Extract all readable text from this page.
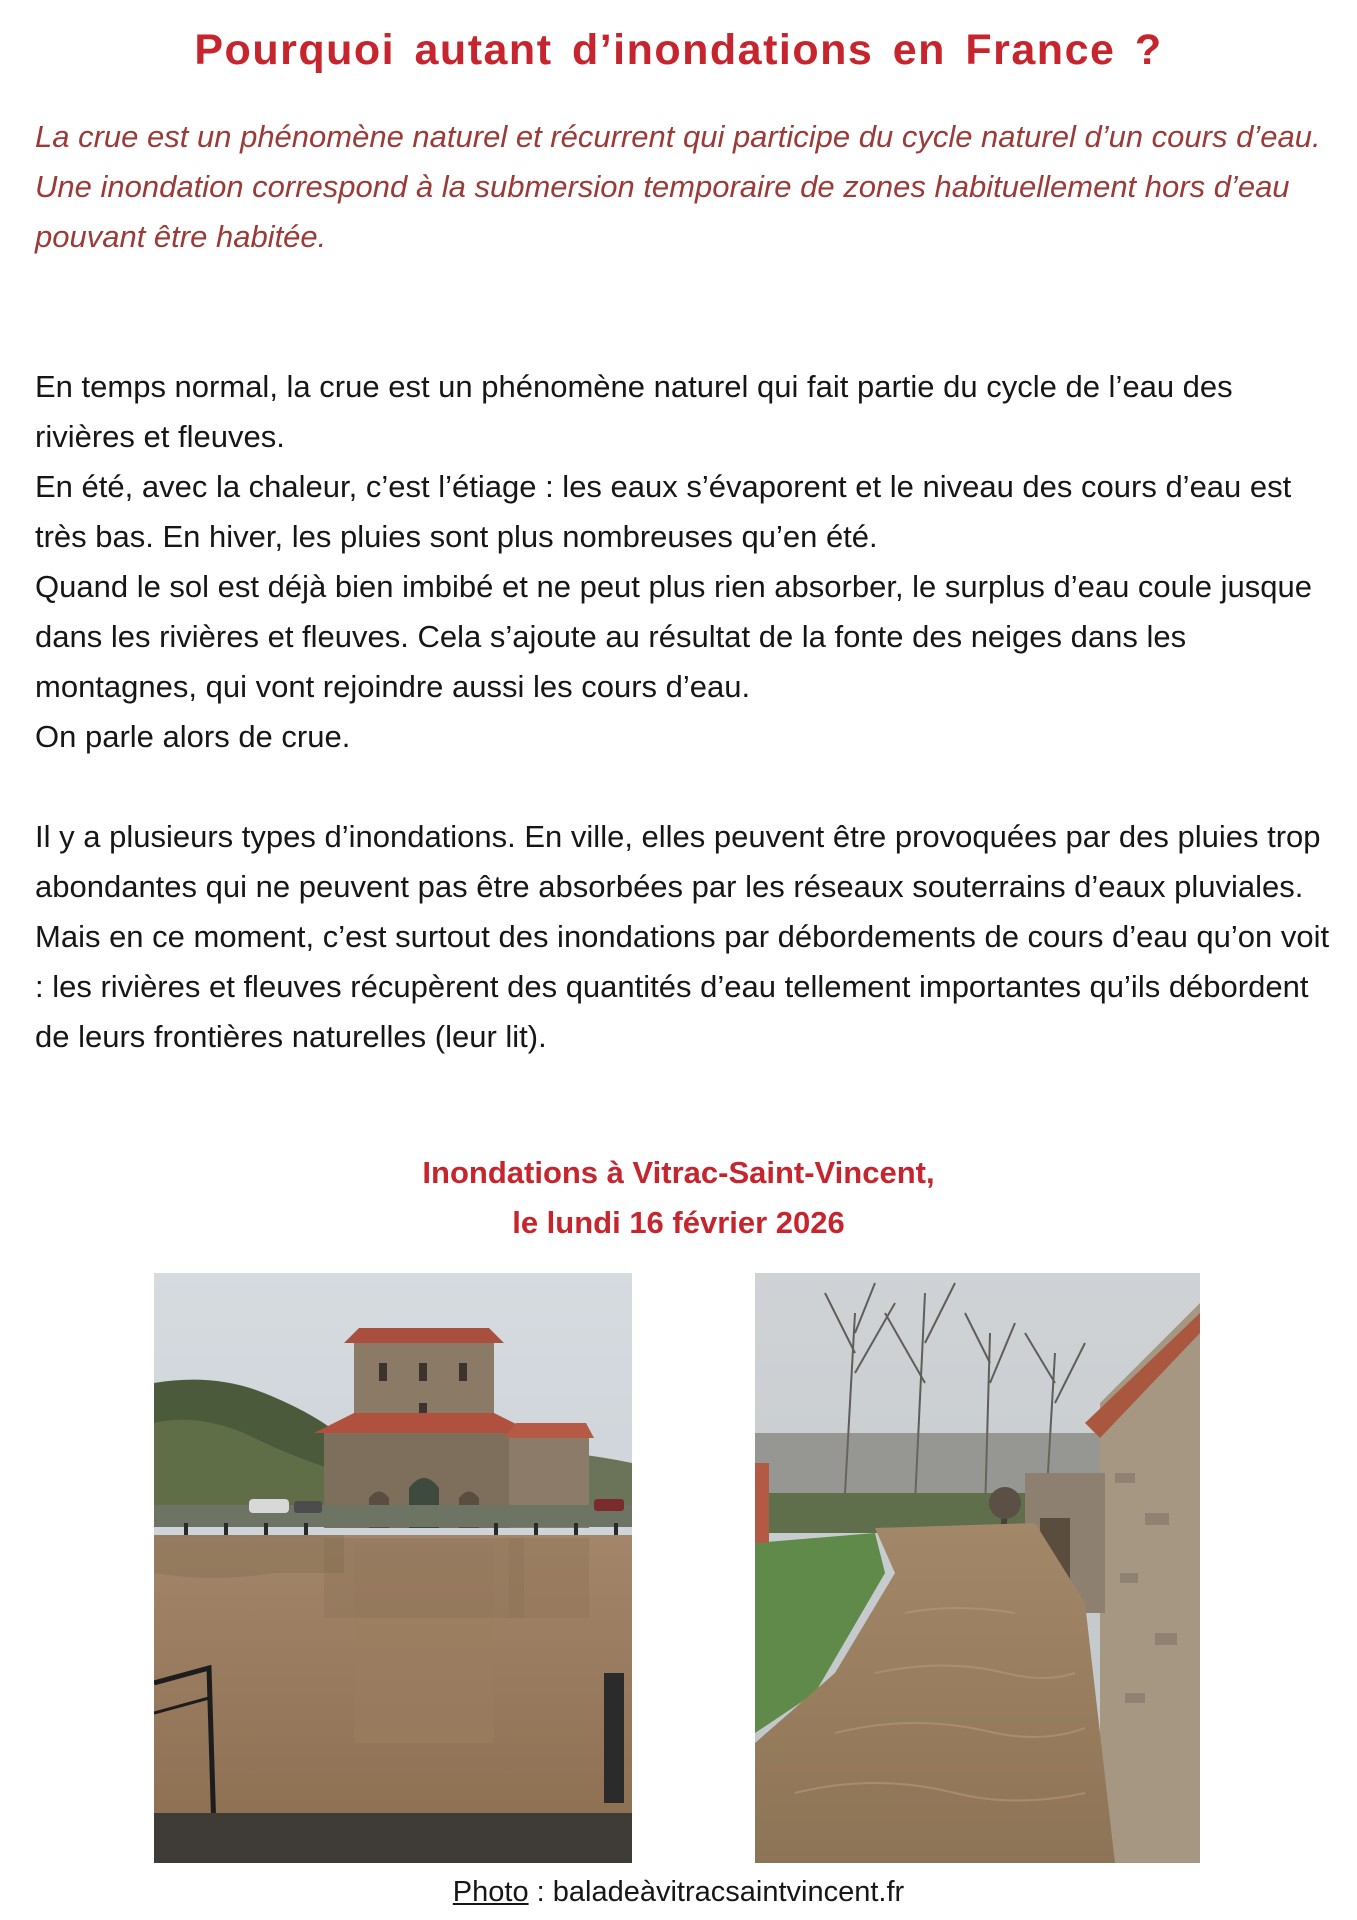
Pourquoi autant d’inondations en France ?

La crue est un phénomène naturel et récurrent qui participe du cycle naturel d’un cours d’eau.

Une inondation correspond à la submersion temporaire de zones habituellement hors d’eau pouvant être habitée.

En temps normal, la crue est un phénomène naturel qui fait partie du cycle de l’eau des rivières et fleuves.

En été, avec la chaleur, c’est l’étiage : les eaux s’évaporent et le niveau des cours d’eau est très bas. En hiver, les pluies sont plus nombreuses qu’en été.

Quand le sol est déjà bien imbibé et ne peut plus rien absorber, le surplus d’eau coule jusque dans les rivières et fleuves. Cela s’ajoute au résultat de la fonte des neiges dans les montagnes, qui vont rejoindre aussi les cours d’eau.

On parle alors de crue.

Il y a plusieurs types d’inondations. En ville, elles peuvent être provoquées par des pluies trop abondantes qui ne peuvent pas être absorbées par les réseaux souterrains d’eaux pluviales.

Mais en ce moment, c’est surtout des inondations par débordements de cours d’eau qu’on voit : les rivières et fleuves récupèrent des quantités d’eau tellement importantes qu’ils débordent de leurs frontières naturelles (leur lit).

Inondations à Vitrac-Saint-Vincent,
le lundi 16 février 2026
Photo : baladeàvitracsaintvincent.fr
